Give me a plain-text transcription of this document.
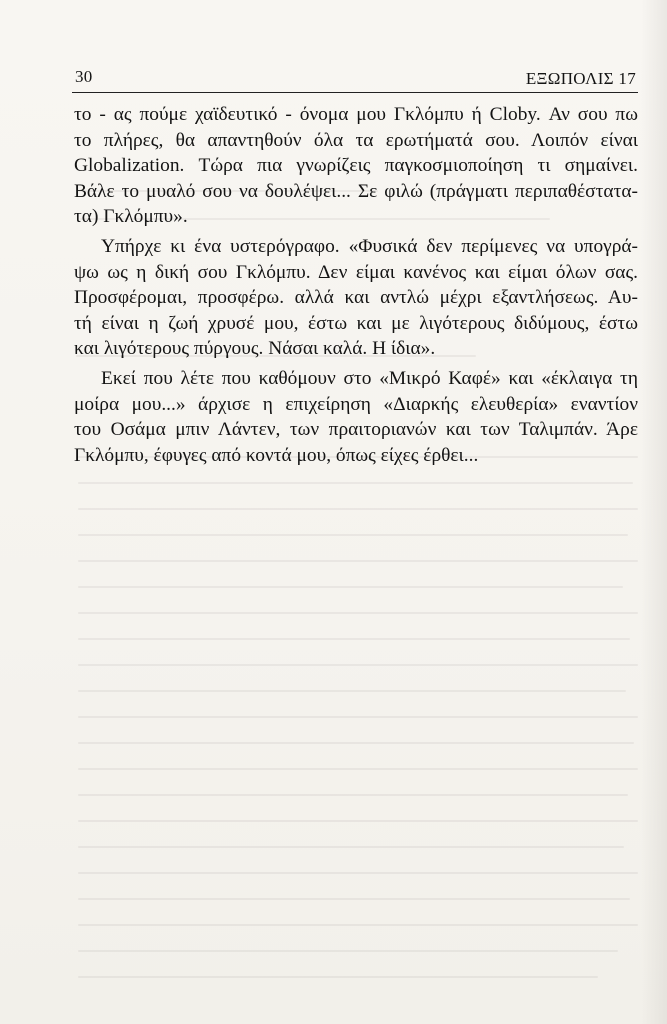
30	ΕΞΩΠΟΛΙΣ 17
το - ας πούμε χαϊδευτικό - όνομα μου Γκλόμπυ ή Cloby. Αν σου πω
το πλήρες, θα απαντηθούν όλα τα ερωτήματά σου. Λοιπόν είναι
Globalization. Τώρα πια γνωρίζεις παγκοσμιοποίηση τι σημαίνει.
Βάλε το μυαλό σου να δουλέψει... Σε φιλώ (πράγματι περιπαθέστατα-
τα) Γκλόμπυ».
Υπήρχε κι ένα υστερόγραφο. «Φυσικά δεν περίμενες να υπογρά-
ψω ως η δική σου Γκλόμπυ. Δεν είμαι κανένος και είμαι όλων σας.
Προσφέρομαι, προσφέρω. αλλά και αντλώ μέχρι εξαντλήσεως. Αυ-
τή είναι η ζωή χρυσέ μου, έστω και με λιγότερους διδύμους, έστω
και λιγότερους πύργους. Νάσαι καλά. Η ίδια».
Εκεί που λέτε που καθόμουν στο «Μικρό Καφέ» και «έκλαιγα τη
μοίρα μου...» άρχισε η επιχείρηση «Διαρκής ελευθερία» εναντίον
του Οσάμα μπιν Λάντεν, των πραιτοριανών και των Ταλιμπάν. Άρε
Γκλόμπυ, έφυγες από κοντά μου, όπως είχες έρθει...
